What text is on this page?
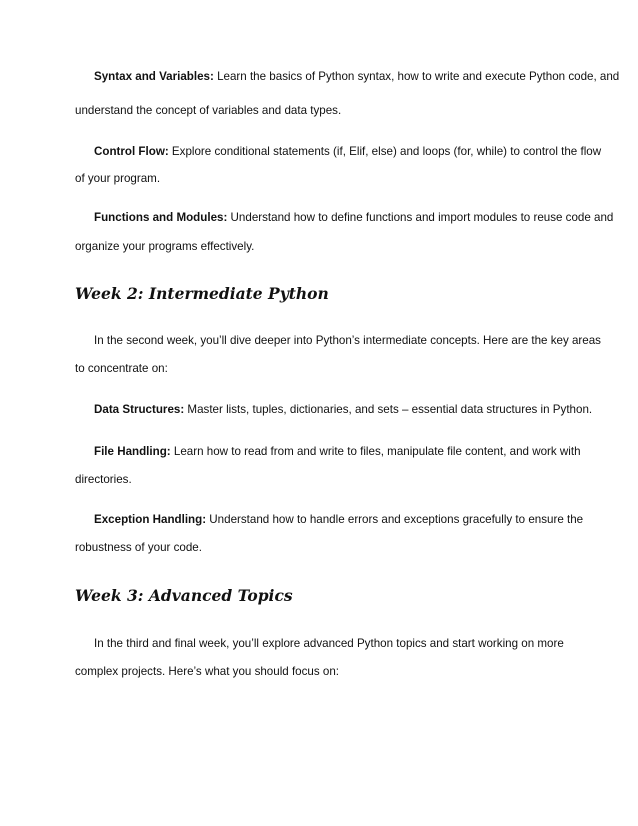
Syntax and Variables: Learn the basics of Python syntax, how to write and execute Python code, and
understand the concept of variables and data types.
Control Flow: Explore conditional statements (if, Elif, else) and loops (for, while) to control the flow
of your program.
Functions and Modules: Understand how to define functions and import modules to reuse code and
organize your programs effectively.
Week 2: Intermediate Python
In the second week, you’ll dive deeper into Python’s intermediate concepts. Here are the key areas
to concentrate on:
Data Structures: Master lists, tuples, dictionaries, and sets – essential data structures in Python.
File Handling: Learn how to read from and write to files, manipulate file content, and work with
directories.
Exception Handling: Understand how to handle errors and exceptions gracefully to ensure the
robustness of your code.
Week 3: Advanced Topics
In the third and final week, you’ll explore advanced Python topics and start working on more
complex projects. Here’s what you should focus on:
